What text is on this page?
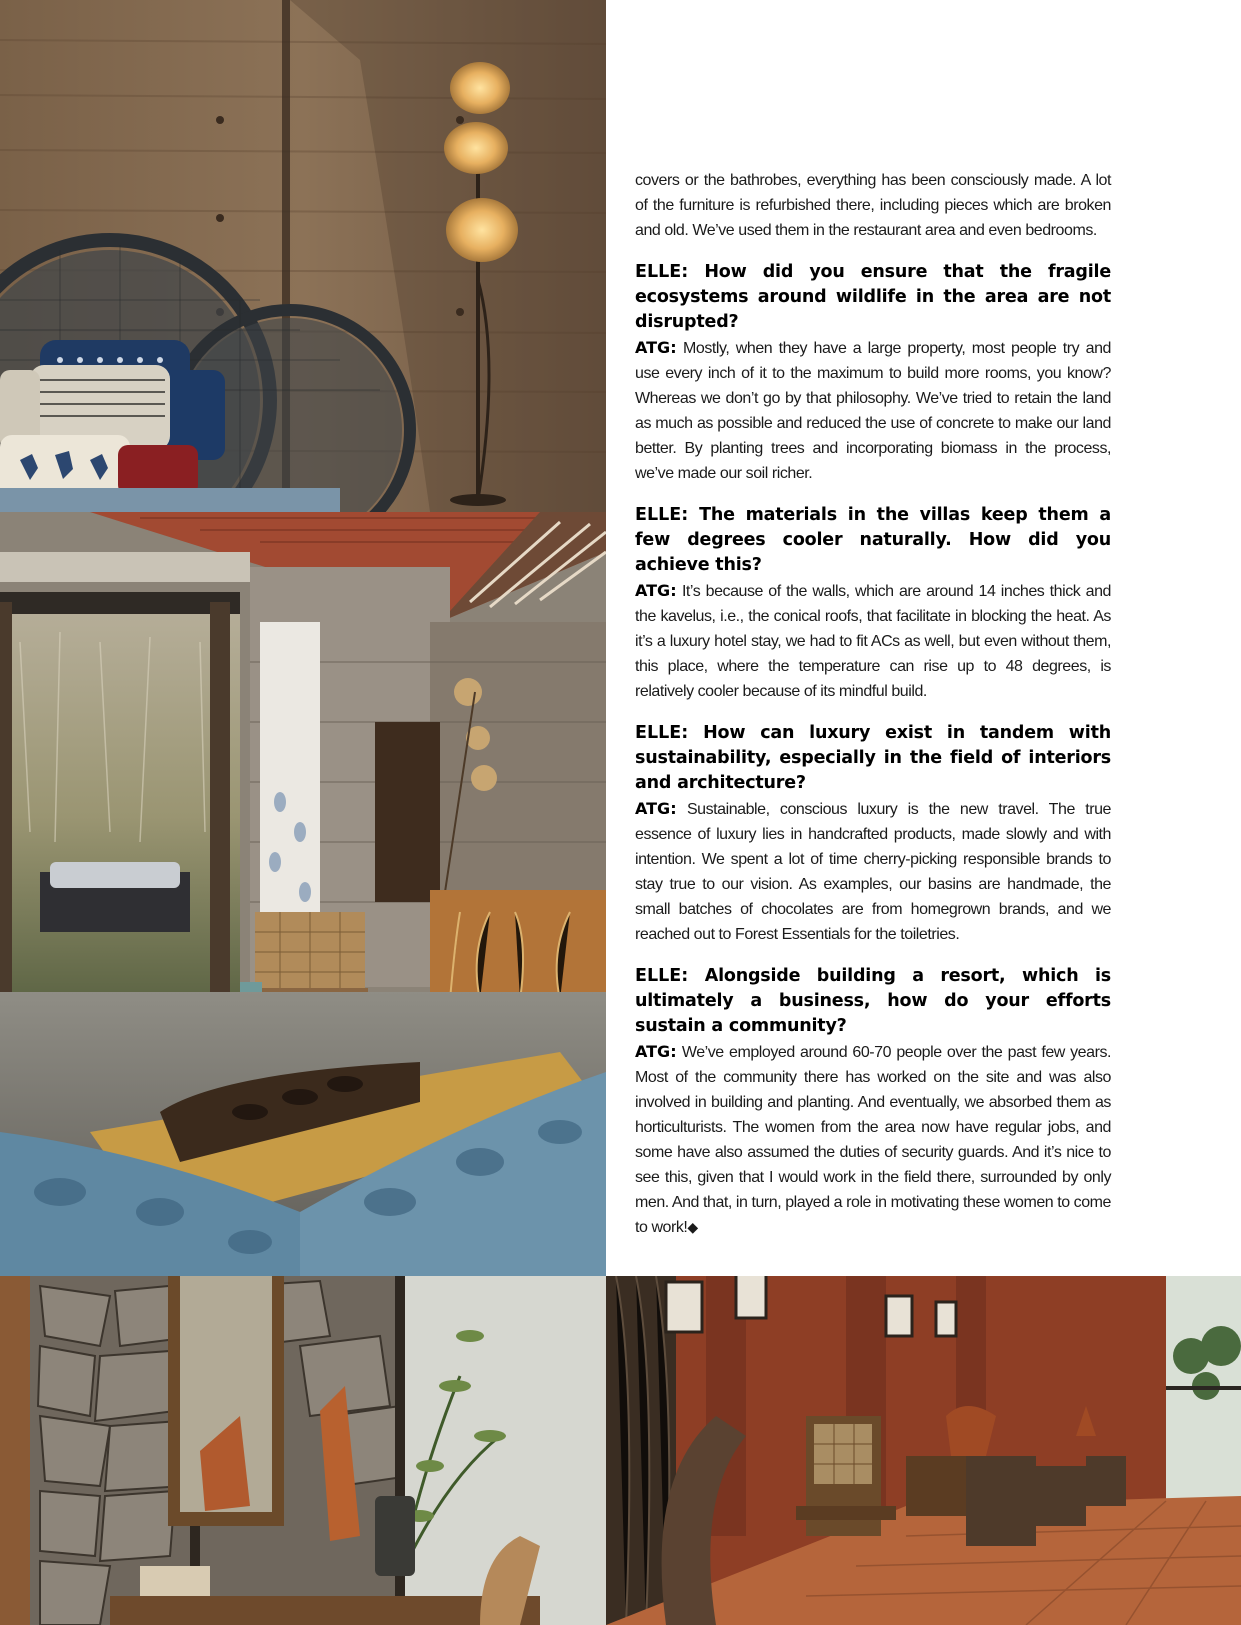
covers or the bathrobes, everything has been consciously made. A lot of the furniture is refurbished there, including pieces which are broken and old. We’ve used them in the restaurant area and even bedrooms.

ELLE: How did you ensure that the fragile ecosystems around wildlife in the area are not disrupted?

ATG: Mostly, when they have a large property, most people try and use every inch of it to the maximum to build more rooms, you know? Whereas we don’t go by that philosophy. We’ve tried to retain the land as much as possible and reduced the use of concrete to make our land better. By planting trees and incorporating biomass in the process, we’ve made our soil richer.

ELLE: The materials in the villas keep them a few degrees cooler naturally. How did you achieve this?

ATG: It’s because of the walls, which are around 14 inches thick and the kavelus, i.e., the conical roofs, that facilitate in blocking the heat. As it’s a luxury hotel stay, we had to fit ACs as well, but even without them, this place, where the temperature can rise up to 48 degrees, is relatively cooler because of its mindful build.

ELLE: How can luxury exist in tandem with sustainability, especially in the field of interiors and architecture?

ATG: Sustainable, conscious luxury is the new travel. The true essence of luxury lies in handcrafted products, made slowly and with intention. We spent a lot of time cherry-picking responsible brands to stay true to our vision. As examples, our basins are handmade, the small batches of chocolates are from homegrown brands, and we reached out to Forest Essentials for the toiletries.

ELLE: Alongside building a resort, which is ultimately a business, how do your efforts sustain a community?

ATG: We’ve employed around 60-70 people over the past few years. Most of the community there has worked on the site and was also involved in building and planting. And eventually, we absorbed them as horticulturists. The women from the area now have regular jobs, and some have also assumed the duties of security guards. And it’s nice to see this, given that I would work in the field there, surrounded by only men. And that, in turn, played a role in motivating these women to come to work!◆
